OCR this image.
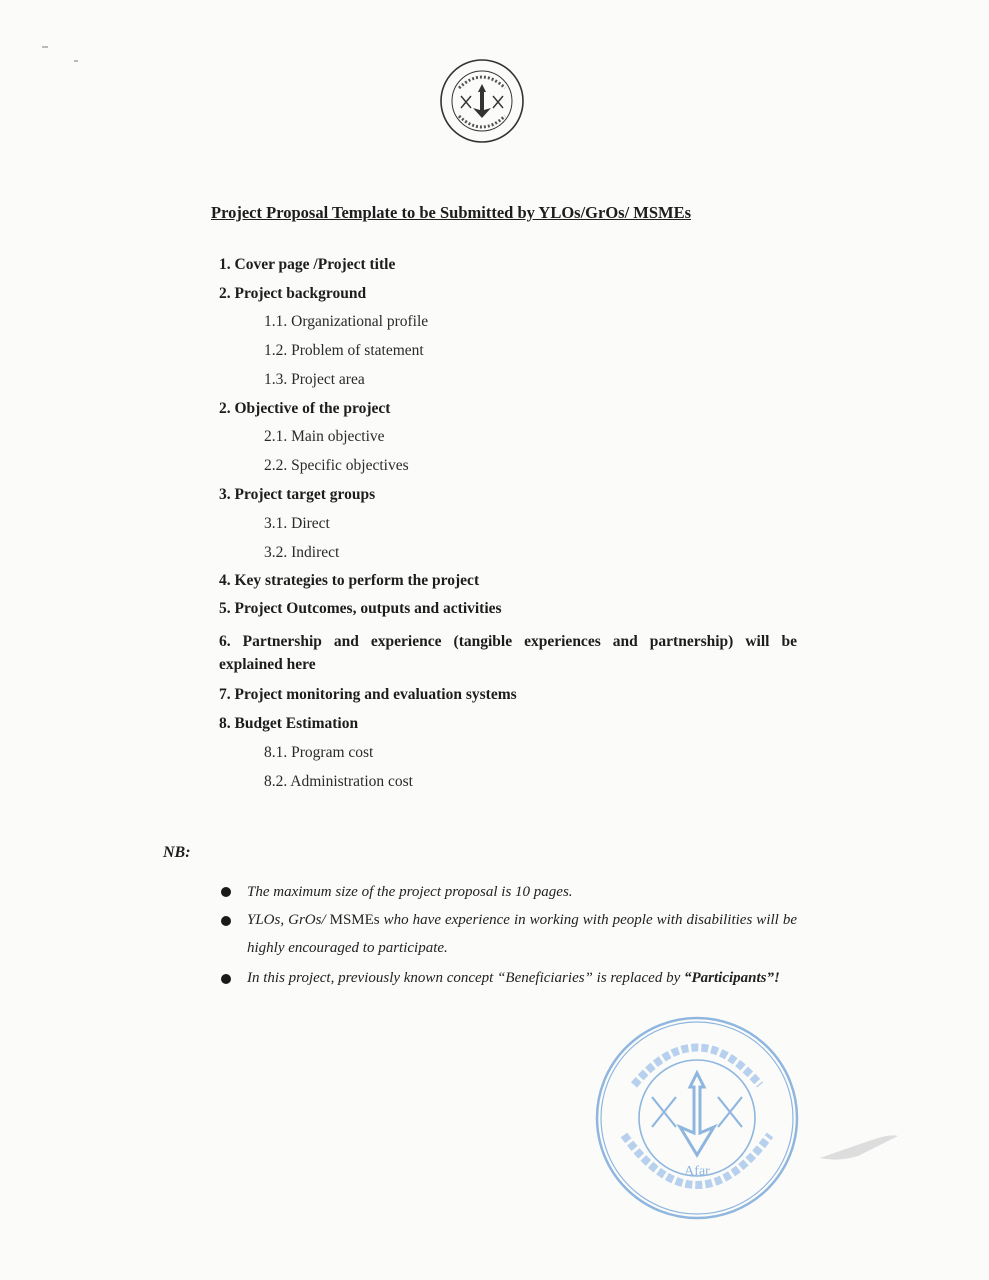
Project Proposal Template to be Submitted by YLOs/GrOs/ MSMEs
1. Cover page /Project title
2. Project background
1.1. Organizational profile
1.2. Problem of statement
1.3. Project area
2. Objective of the project
2.1. Main objective
2.2. Specific objectives
3. Project target groups
3.1. Direct
3.2. Indirect
4. Key strategies to perform the project
5. Project Outcomes, outputs and activities
6. Partnership and experience (tangible experiences and partnership) will be
explained here
7. Project monitoring and evaluation systems
8. Budget Estimation
8.1. Program cost
8.2. Administration cost
NB:
The maximum size of the project proposal is 10 pages.
YLOs, GrOs/ MSMEs who have experience in working with people with disabilities will be highly encouraged to participate.
In this project, previously known concept “Beneficiaries” is replaced by “Participants”!
Afar
